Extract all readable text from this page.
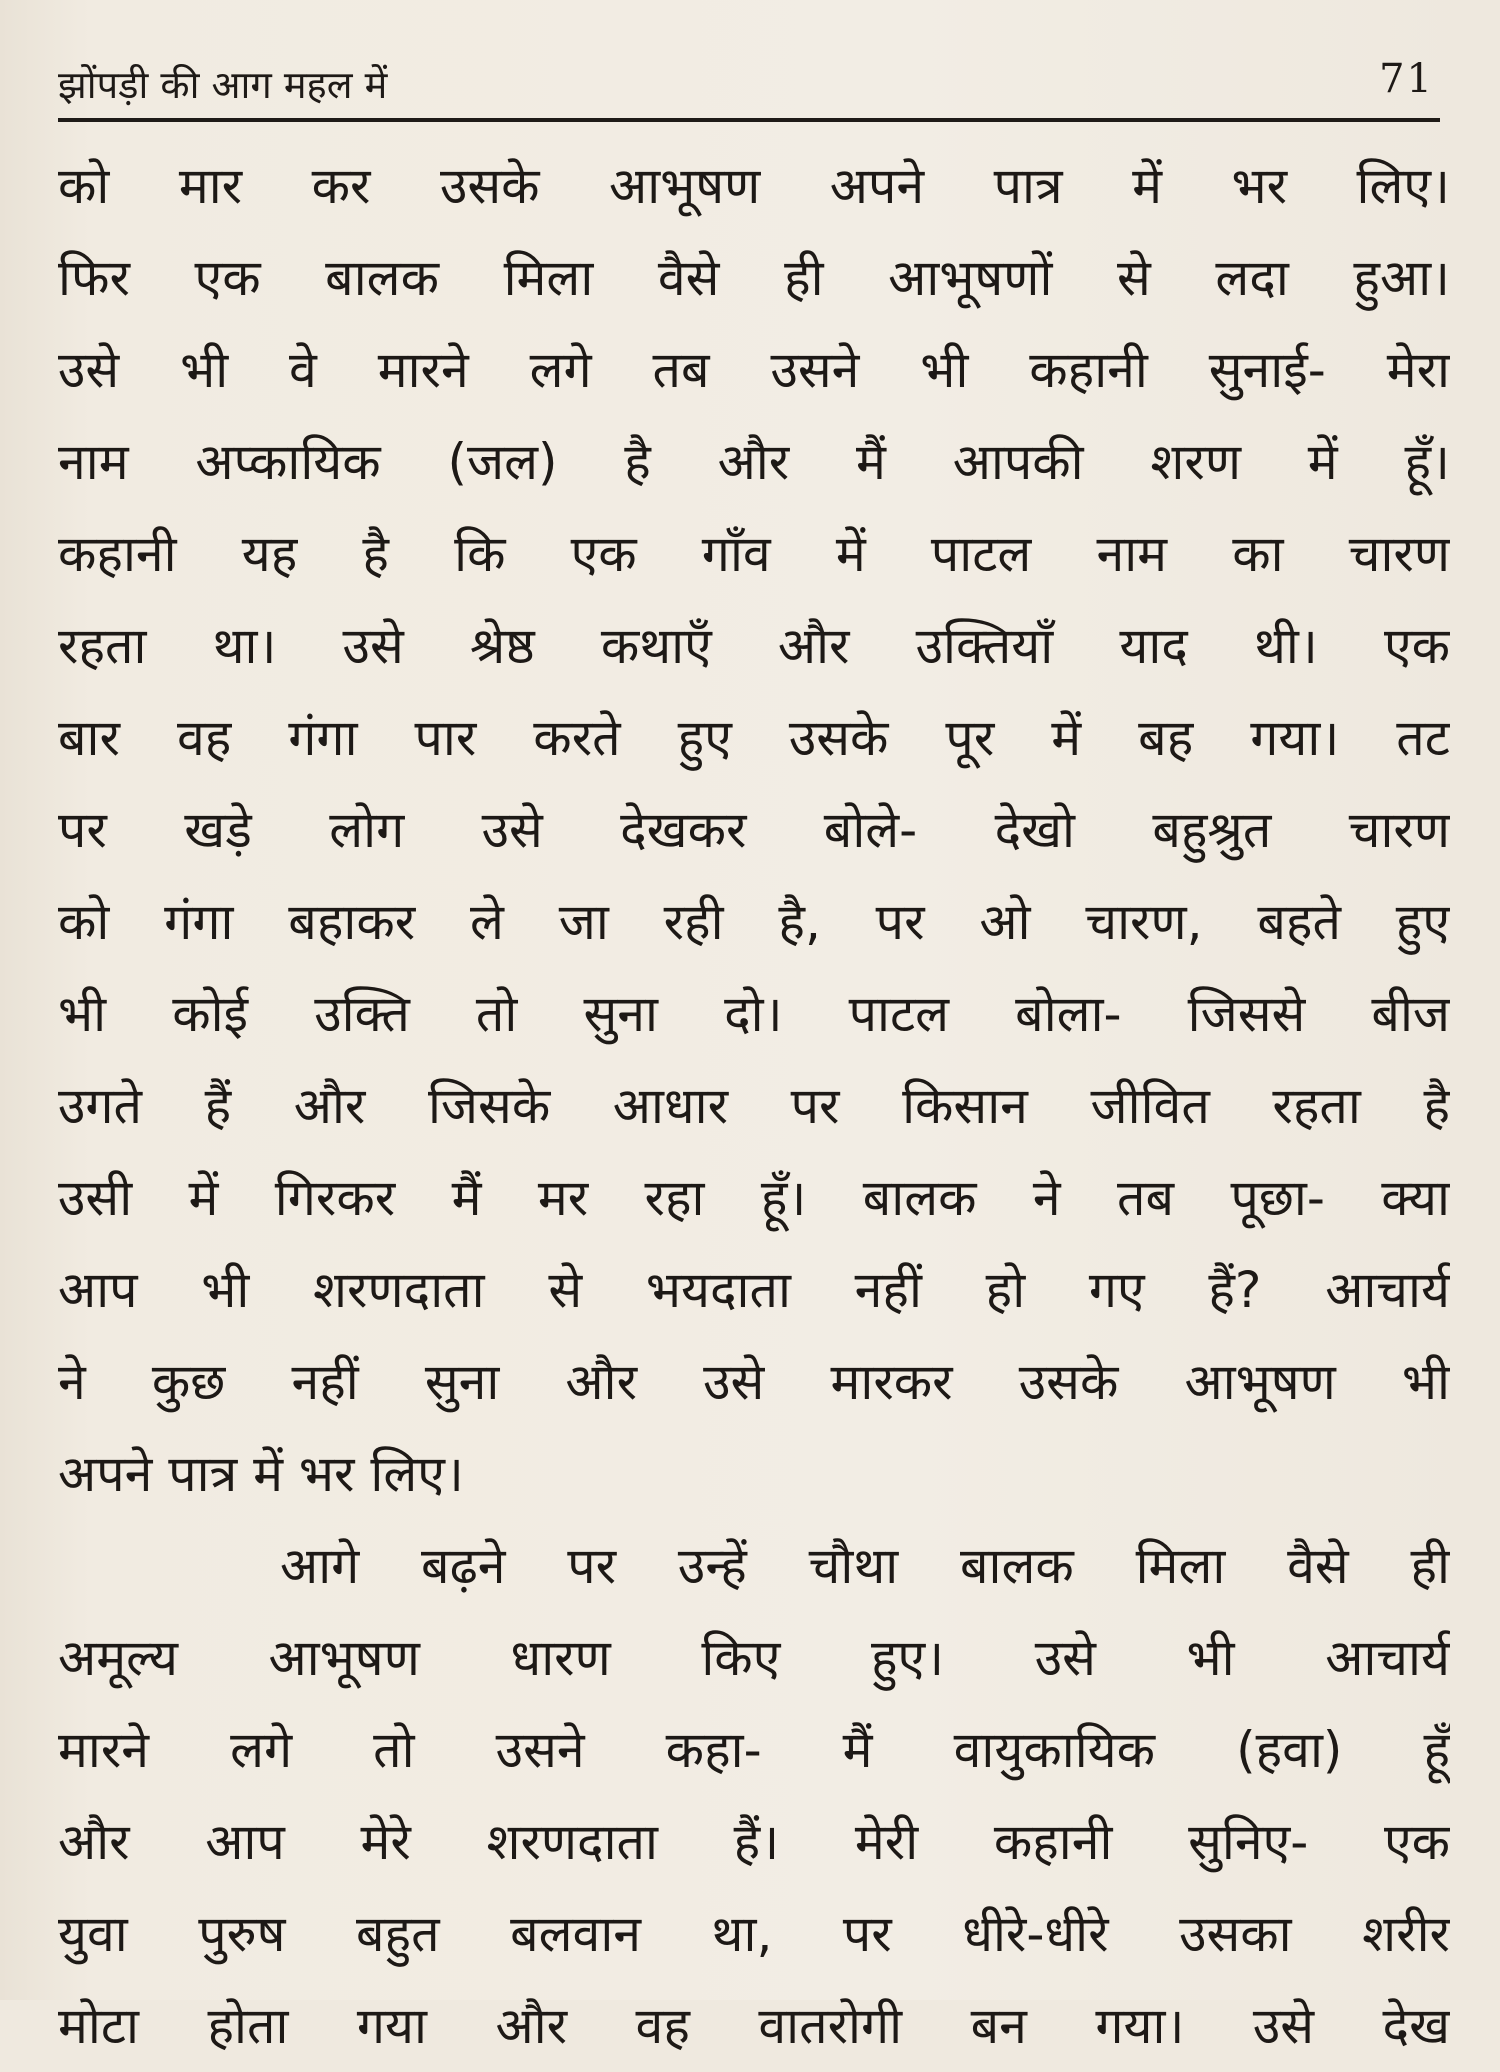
झोंपड़ी की आग महल में	71
को मार कर उसके आभूषण अपने पात्र में भर लिए।
फिर एक बालक मिला वैसे ही आभूषणों से लदा हुआ।
उसे भी वे मारने लगे तब उसने भी कहानी सुनाई- मेरा
नाम अप्कायिक (जल) है और मैं आपकी शरण में हूँ।
कहानी यह है कि एक गाँव में पाटल नाम का चारण
रहता था। उसे श्रेष्ठ कथाएँ और उक्तियाँ याद थी। एक
बार वह गंगा पार करते हुए उसके पूर में बह गया। तट
पर खड़े लोग उसे देखकर बोले- देखो बहुश्रुत चारण
को गंगा बहाकर ले जा रही है, पर ओ चारण, बहते हुए
भी कोई उक्ति तो सुना दो। पाटल बोला- जिससे बीज
उगते हैं और जिसके आधार पर किसान जीवित रहता है
उसी में गिरकर मैं मर रहा हूँ। बालक ने तब पूछा- क्या
आप भी शरणदाता से भयदाता नहीं हो गए हैं? आचार्य
ने कुछ नहीं सुना और उसे मारकर उसके आभूषण भी
अपने पात्र में भर लिए।
आगे बढ़ने पर उन्हें चौथा बालक मिला वैसे ही
अमूल्य आभूषण धारण किए हुए। उसे भी आचार्य
मारने लगे तो उसने कहा- मैं वायुकायिक (हवा) हूँ
और आप मेरे शरणदाता हैं। मेरी कहानी सुनिए- एक
युवा पुरुष बहुत बलवान था, पर धीरे-धीरे उसका शरीर
मोटा होता गया और वह वातरोगी बन गया। उसे देख
